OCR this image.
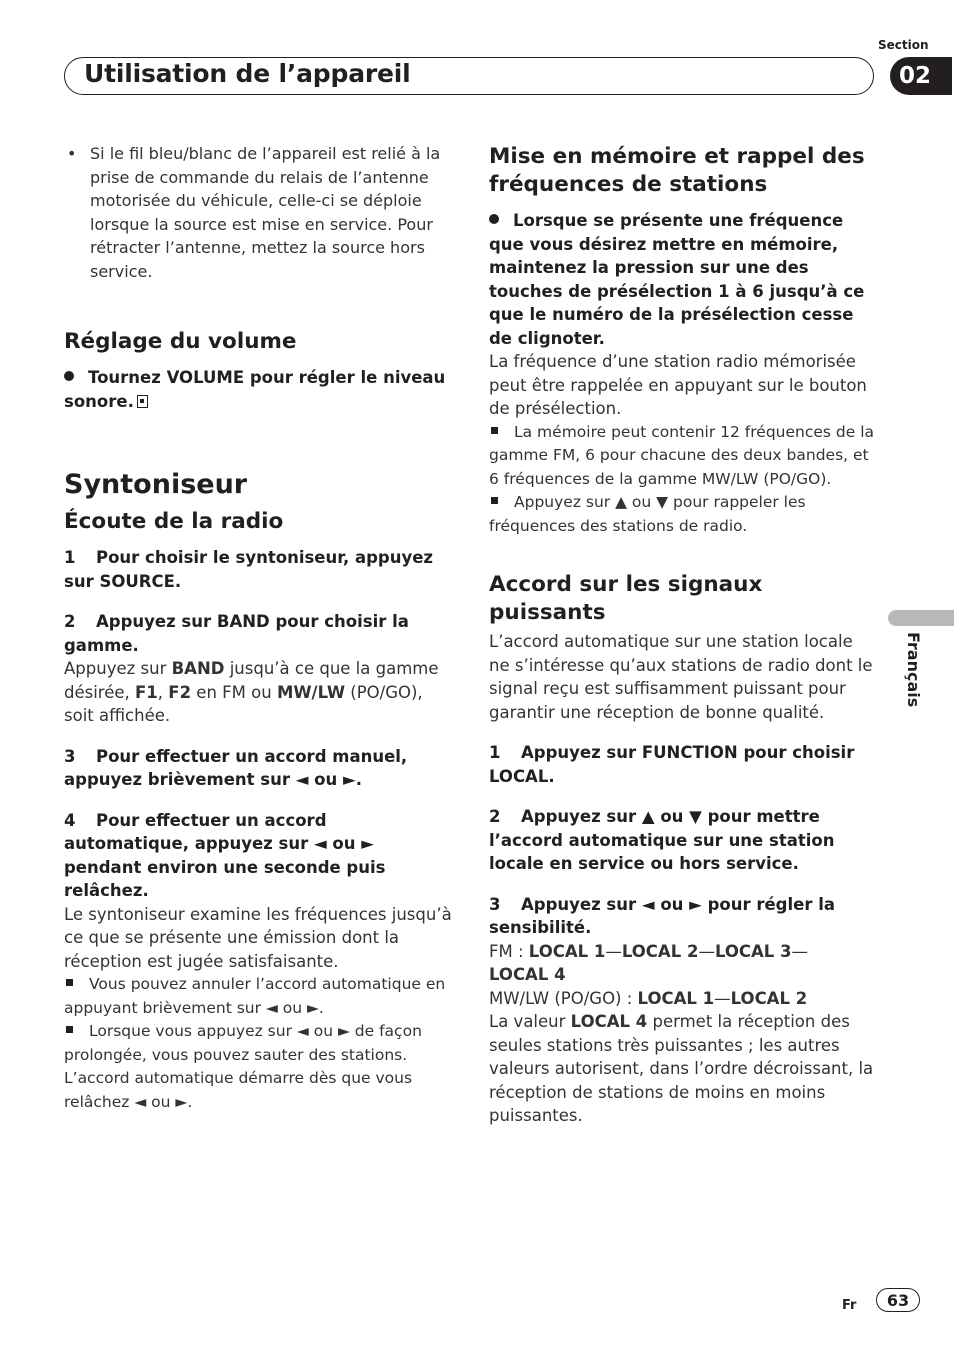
Section
Utilisation de l’appareil	02
Français
• Si le fil bleu/blanc de l’appareil est relié à la prise de commande du relais de l’antenne motorisée du véhicule, celle-ci se déploie lorsque la source est mise en service. Pour rétracter l’antenne, mettez la source hors service.

Réglage du volume

Tournez VOLUME pour régler le niveau sonore.

Syntoniseur

Écoute de la radio

1 Pour choisir le syntoniseur, appuyez sur SOURCE.

2 Appuyez sur BAND pour choisir la gamme.

Appuyez sur BAND jusqu’à ce que la gamme désirée, F1, F2 en FM ou MW/LW (PO/GO), soit affichée.

3 Pour effectuer un accord manuel, appuyez brièvement sur ◄ ou ►.

4 Pour effectuer un accord automatique, appuyez sur ◄ ou ► pendant environ une seconde puis relâchez.

Le syntoniseur examine les fréquences jusqu’à ce que se présente une émission dont la réception est jugée satisfaisante.

Vous pouvez annuler l’accord automatique en appuyant brièvement sur ◄ ou ►.

Lorsque vous appuyez sur ◄ ou ► de façon prolongée, vous pouvez sauter des stations. L’accord automatique démarre dès que vous relâchez ◄ ou ►.

Mise en mémoire et rappel des fréquences de stations

Lorsque se présente une fréquence que vous désirez mettre en mémoire, maintenez la pression sur une des touches de présélection 1 à 6 jusqu’à ce que le numéro de la présélection cesse de clignoter.

La fréquence d’une station radio mémorisée peut être rappelée en appuyant sur le bouton de présélection.

La mémoire peut contenir 12 fréquences de la gamme FM, 6 pour chacune des deux bandes, et 6 fréquences de la gamme MW/LW (PO/GO).

Appuyez sur ▲ ou ▼ pour rappeler les fréquences des stations de radio.

Accord sur les signaux puissants

L’accord automatique sur une station locale ne s’intéresse qu’aux stations de radio dont le signal reçu est suffisamment puissant pour garantir une réception de bonne qualité.

1 Appuyez sur FUNCTION pour choisir LOCAL.

2 Appuyez sur ▲ ou ▼ pour mettre l’accord automatique sur une station locale en service ou hors service.

3 Appuyez sur ◄ ou ► pour régler la sensibilité.

FM : LOCAL 1—LOCAL 2—LOCAL 3—
LOCAL 4

MW/LW (PO/GO) : LOCAL 1—LOCAL 2

La valeur LOCAL 4 permet la réception des seules stations très puissantes ; les autres valeurs autorisent, dans l’ordre décroissant, la réception de stations de moins en moins puissantes.

Fr	63
